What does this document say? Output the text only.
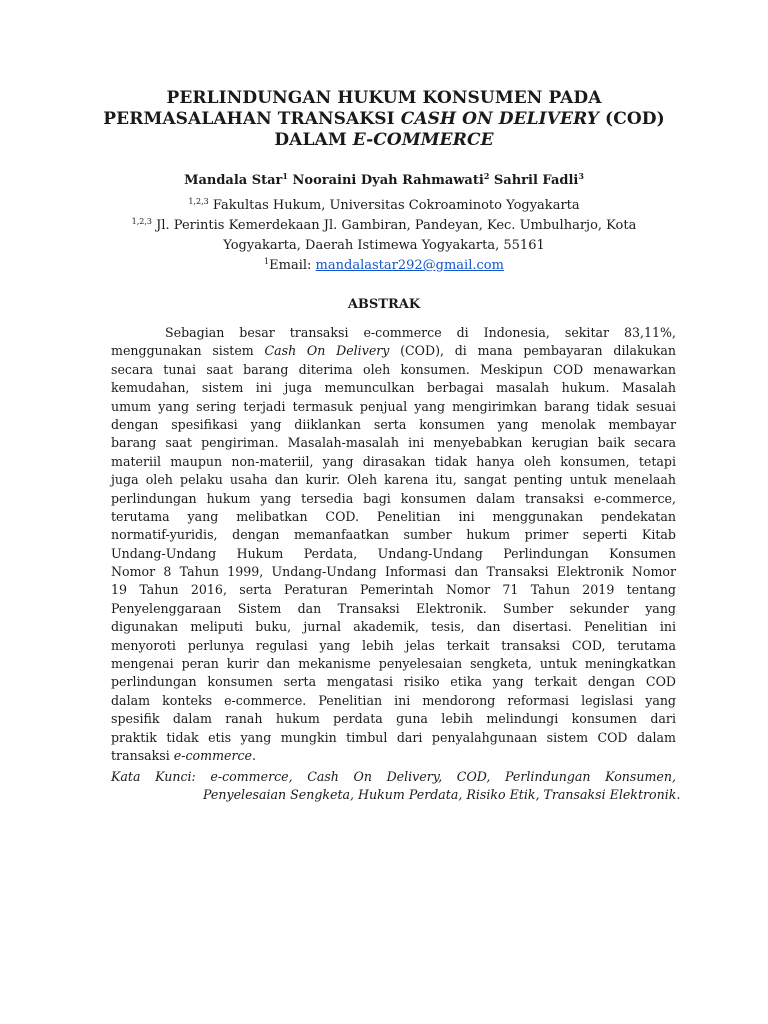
PERLINDUNGAN HUKUM KONSUMEN PADA
PERMASALAHAN TRANSAKSI CASH ON DELIVERY (COD)
DALAM E-COMMERCE
Mandala Star$^1$ Nooraini Dyah Rahmawati$^2$ Sahril Fadli$^3$
$^{1,2,3}$ Fakultas Hukum, Universitas Cokroaminoto Yogyakarta
$^{1,2,3}$ Jl. Perintis Kemerdekaan Jl. Gambiran, Pandeyan, Kec. Umbulharjo, Kota
Yogyakarta, Daerah Istimewa Yogyakarta, 55161
$^1$Email: mandalastar292@gmail.com
ABSTRAK
Sebagian besar transaksi e-commerce di Indonesia, sekitar 83,11%,
menggunakan sistem Cash On Delivery (COD), di mana pembayaran dilakukan
secara tunai saat barang diterima oleh konsumen. Meskipun COD menawarkan
kemudahan, sistem ini juga memunculkan berbagai masalah hukum. Masalah
umum yang sering terjadi termasuk penjual yang mengirimkan barang tidak sesuai
dengan spesifikasi yang diiklankan serta konsumen yang menolak membayar
barang saat pengiriman. Masalah-masalah ini menyebabkan kerugian baik secara
materiil maupun non-materiil, yang dirasakan tidak hanya oleh konsumen, tetapi
juga oleh pelaku usaha dan kurir. Oleh karena itu, sangat penting untuk menelaah
perlindungan hukum yang tersedia bagi konsumen dalam transaksi e-commerce,
terutama yang melibatkan COD. Penelitian ini menggunakan pendekatan
normatif-yuridis, dengan memanfaatkan sumber hukum primer seperti Kitab
Undang-Undang Hukum Perdata, Undang-Undang Perlindungan Konsumen
Nomor 8 Tahun 1999, Undang-Undang Informasi dan Transaksi Elektronik Nomor
19 Tahun 2016, serta Peraturan Pemerintah Nomor 71 Tahun 2019 tentang
Penyelenggaraan Sistem dan Transaksi Elektronik. Sumber sekunder yang
digunakan meliputi buku, jurnal akademik, tesis, dan disertasi. Penelitian ini
menyoroti perlunya regulasi yang lebih jelas terkait transaksi COD, terutama
mengenai peran kurir dan mekanisme penyelesaian sengketa, untuk meningkatkan
perlindungan konsumen serta mengatasi risiko etika yang terkait dengan COD
dalam konteks e-commerce. Penelitian ini mendorong reformasi legislasi yang
spesifik dalam ranah hukum perdata guna lebih melindungi konsumen dari
praktik tidak etis yang mungkin timbul dari penyalahgunaan sistem COD dalam
transaksi e-commerce.
Kata Kunci: e-commerce, Cash On Delivery, COD, Perlindungan Konsumen,
Penyelesaian Sengketa, Hukum Perdata, Risiko Etik, Transaksi Elektronik.
